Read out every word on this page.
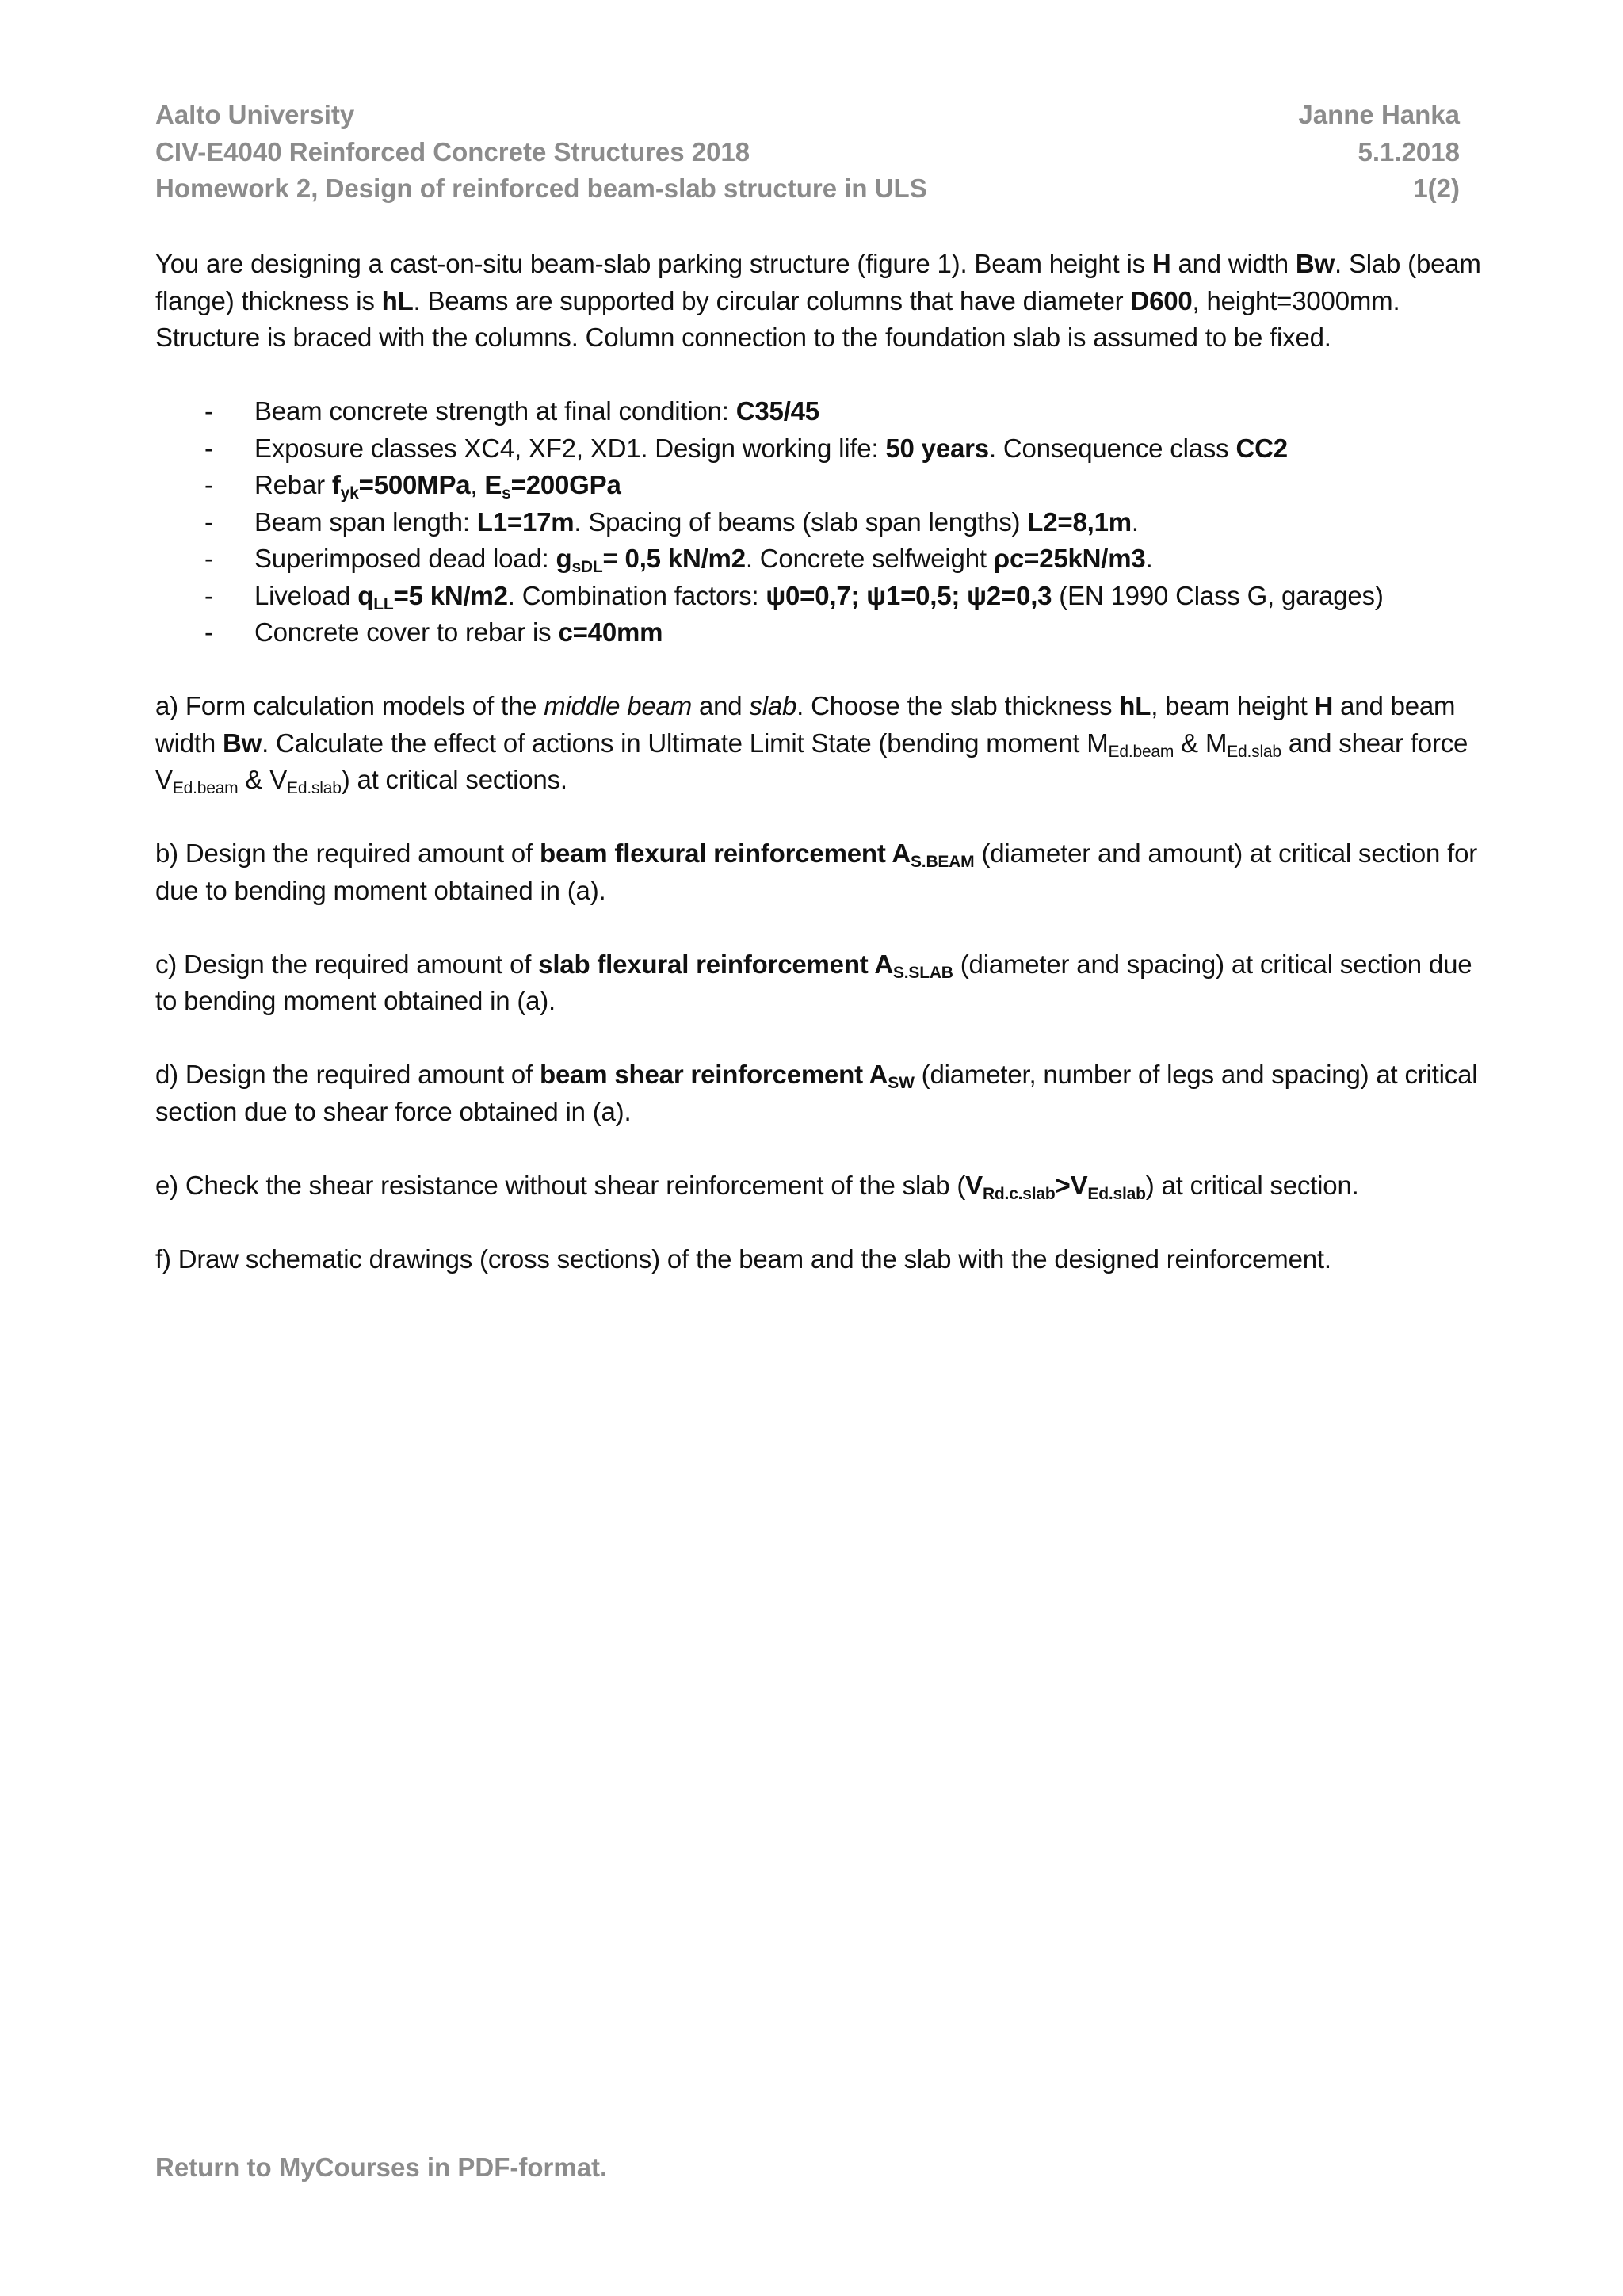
Aalto University	Janne Hanka
CIV-E4040 Reinforced Concrete Structures 2018	5.1.2018
Homework 2, Design of reinforced beam-slab structure in ULS	1(2)

You are designing a cast-on-situ beam-slab parking structure (figure 1). Beam height is H and width Bw. Slab (beam flange) thickness is hL. Beams are supported by circular columns that have diameter D600, height=3000mm. Structure is braced with the columns. Column connection to the foundation slab is assumed to be fixed.

- Beam concrete strength at final condition: C35/45
- Exposure classes XC4, XF2, XD1. Design working life: 50 years. Consequence class CC2
- Rebar $f_{yk}=500MPa$, $E_s=200GPa$
- Beam span length: L1=17m. Spacing of beams (slab span lengths) L2=8,1m.
- Superimposed dead load: $g_{sDL}= 0,5$ kN/m2. Concrete selfweight ρc=25kN/m3.
- Liveload $q_{LL}=5$ kN/m2. Combination factors: ψ0=0,7; ψ1=0,5; ψ2=0,3 (EN 1990 Class G, garages)
- Concrete cover to rebar is c=40mm

a) Form calculation models of the middle beam and slab. Choose the slab thickness hL, beam height H and beam width Bw. Calculate the effect of actions in Ultimate Limit State (bending moment $M_{Ed.beam}$ & $M_{Ed.slab}$ and shear force $V_{Ed.beam}$ & $V_{Ed.slab}$) at critical sections.

b) Design the required amount of beam flexural reinforcement $A_{S.BEAM}$ (diameter and amount) at critical section for due to bending moment obtained in (a).

c) Design the required amount of slab flexural reinforcement $A_{S.SLAB}$ (diameter and spacing) at critical section due to bending moment obtained in (a).

d) Design the required amount of beam shear reinforcement $A_{SW}$ (diameter, number of legs and spacing) at critical section due to shear force obtained in (a).

e) Check the shear resistance without shear reinforcement of the slab $(V_{Rd.c.slab}>V_{Ed.slab})$ at critical section.

f) Draw schematic drawings (cross sections) of the beam and the slab with the designed reinforcement.

Return to MyCourses in PDF-format.
